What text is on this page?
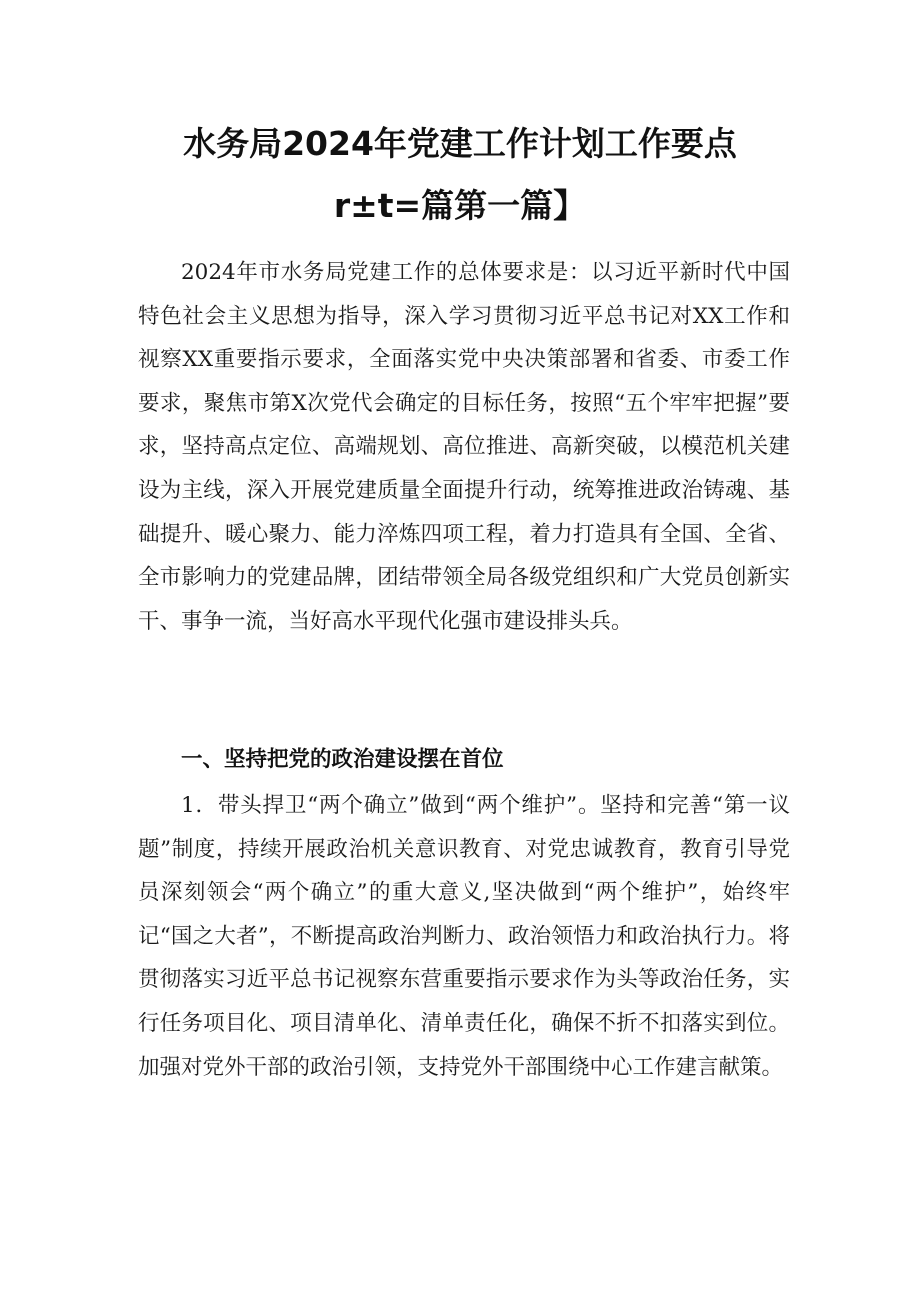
水务局2024年党建工作计划工作要点
r±t=篇第一篇】

2024年市水务局党建工作的总体要求是：以习近平新时代中国特色社会主义思想为指导，深入学习贯彻习近平总书记对XX工作和视察XX重要指示要求，全面落实党中央决策部署和省委、市委工作要求，聚焦市第X次党代会确定的目标任务，按照“五个牢牢把握”要求，坚持高点定位、高端规划、高位推进、高新突破，以模范机关建设为主线，深入开展党建质量全面提升行动，统筹推进政治铸魂、基础提升、暖心聚力、能力淬炼四项工程，着力打造具有全国、全省、全市影响力的党建品牌，团结带领全局各级党组织和广大党员创新实干、事争一流，当好高水平现代化强市建设排头兵。

一、坚持把党的政治建设摆在首位

1．带头捍卫“两个确立”做到“两个维护”。坚持和完善“第一议题”制度，持续开展政治机关意识教育、对党忠诚教育，教育引导党员深刻领会“两个确立”的重大意义,坚决做到“两个维护”，始终牢记“国之大者”，不断提高政治判断力、政治领悟力和政治执行力。将贯彻落实习近平总书记视察东营重要指示要求作为头等政治任务，实行任务项目化、项目清单化、清单责任化，确保不折不扣落实到位。加强对党外干部的政治引领，支持党外干部围绕中心工作建言献策。
